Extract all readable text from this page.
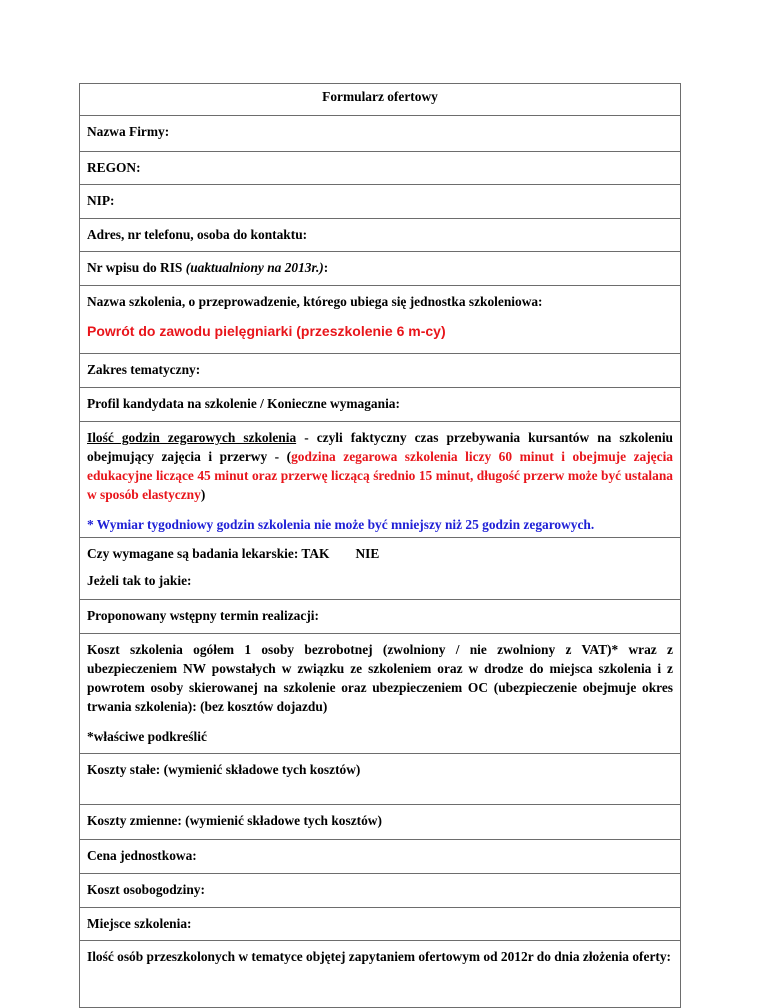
Formularz ofertowy
Nazwa Firmy:
REGON:
NIP:
Adres, nr telefonu, osoba do kontaktu:
Nr wpisu do RIS (uaktualniony na 2013r.):

Nazwa szkolenia, o przeprowadzenie, którego ubiega się jednostka szkoleniowa:

Powrót do zawodu pielęgniarki (przeszkolenie 6 m-cy)

Zakres tematyczny:
Profil kandydata na szkolenie / Konieczne wymagania:

Ilość godzin zegarowych szkolenia - czyli faktyczny czas przebywania kursantów na szkoleniu obejmujący zajęcia i przerwy - (godzina zegarowa szkolenia liczy 60 minut i obejmuje zajęcia edukacyjne liczące 45 minut oraz przerwę liczącą średnio 15 minut, długość przerw może być ustalana w sposób elastyczny)

* Wymiar tygodniowy godzin szkolenia nie może być mniejszy niż 25 godzin zegarowych.

Czy wymagane są badania lekarskie: TAK NIE

Jeżeli tak to jakie:

Proponowany wstępny termin realizacji:

Koszt szkolenia ogółem 1 osoby bezrobotnej (zwolniony / nie zwolniony z VAT)* wraz z ubezpieczeniem NW powstałych w związku ze szkoleniem oraz w drodze do miejsca szkolenia i z powrotem osoby skierowanej na szkolenie oraz ubezpieczeniem OC (ubezpieczenie obejmuje okres trwania szkolenia): (bez kosztów dojazdu)

*właściwe podkreślić

Koszty stałe: (wymienić składowe tych kosztów)
Koszty zmienne: (wymienić składowe tych kosztów)
Cena jednostkowa:
Koszt osobogodziny:
Miejsce szkolenia:
Ilość osób przeszkolonych w tematyce objętej zapytaniem ofertowym od 2012r do dnia złożenia oferty:
